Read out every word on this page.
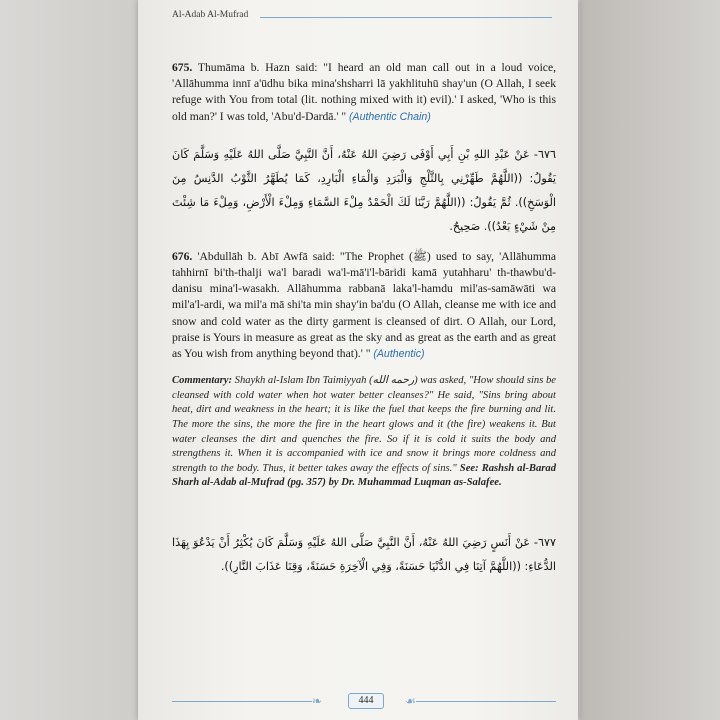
Al-Adab Al-Mufrad

675. Thumāma b. Hazn said: "I heard an old man call out in a loud voice, 'Allāhumma innī a'ūdhu bika mina'shsharri lā yakhlituhū shay'un (O Allah, I seek refuge with You from total (lit. nothing mixed with it) evil).' I asked, 'Who is this old man?' I was told, 'Abu'd-Dardā.' " (Authentic Chain)

٦٧٦- عَنْ عَبْدِ اللهِ بْنِ أَبِي أَوْفَى رَضِيَ اللهُ عَنْهُ، أَنَّ النَّبِيَّ صَلَّى اللهُ عَلَيْهِ وَسَلَّمَ كَانَ يَقُولُ: ((اللَّهُمَّ طَهِّرْنِي بِالثَّلْجِ وَالْبَرَدِ وَالْمَاءِ الْبَارِدِ، كَمَا يُطَهَّرُ الثَّوْبُ الدَّنِسُ مِنَ الْوَسَخِ)). ثُمَّ يَقُولُ: ((اللَّهُمَّ رَبَّنَا لَكَ الْحَمْدُ مِلْءَ السَّمَاءِ وَمِلْءَ الْأَرْضِ، وَمِلْءَ مَا شِئْتَ مِنْ شَيْءٍ بَعْدُ)). صَحِيحٌ.

676. 'Abdullāh b. Abī Awfā said: "The Prophet (ﷺ) used to say, 'Allāhumma tahhirnī bi'th-thalji wa'l baradi wa'l-mā'i'l-bāridi kamā yutahharu' th-thawbu'd-danisu mina'l-wasakh. Allāhumma rabbanā laka'l-hamdu mil'as-samāwāti wa mil'a'l-ardi, wa mil'a mā shi'ta min shay'in ba'du (O Allah, cleanse me with ice and snow and cold water as the dirty garment is cleansed of dirt. O Allah, our Lord, praise is Yours in measure as great as the sky and as great as the earth and as great as You wish from anything beyond that).' " (Authentic)

Commentary: Shaykh al-Islam Ibn Taimiyyah (رحمه الله) was asked, "How should sins be cleansed with cold water when hot water better cleanses?" He said, "Sins bring about heat, dirt and weakness in the heart; it is like the fuel that keeps the fire burning and lit. The more the sins, the more the fire in the heart glows and it (the fire) weakens it. But water cleanses the dirt and quenches the fire. So if it is cold it suits the body and strengthens it. When it is accompanied with ice and snow it brings more coldness and strength to the body. Thus, it better takes away the effects of sins." See: Rashsh al-Barad Sharh al-Adab al-Mufrad (pg. 357) by Dr. Muhammad Luqman as-Salafee.

٦٧٧- عَنْ أَنَسٍ رَضِيَ اللهُ عَنْهُ، أَنَّ النَّبِيَّ صَلَّى اللهُ عَلَيْهِ وَسَلَّمَ كَانَ يُكْثِرُ أَنْ يَدْعُوَ بِهَذَا الدُّعَاءِ: ((اللَّهُمَّ آتِنَا فِي الدُّنْيَا حَسَنَةً، وَفِي الْآخِرَةِ حَسَنَةً، وَقِنَا عَذَابَ النَّارِ)).

❧	444	☙
